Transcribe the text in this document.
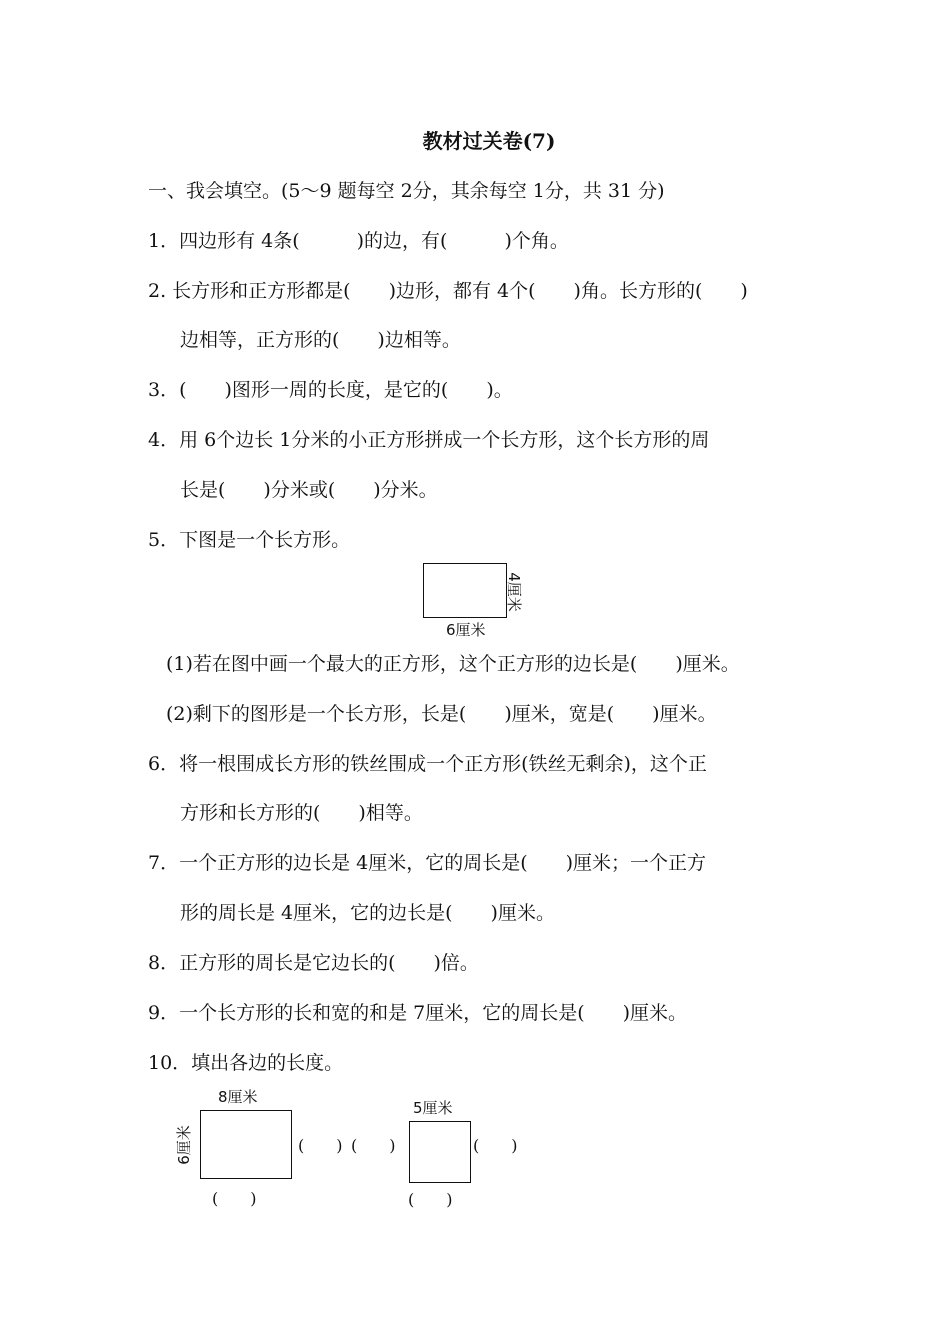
教材过关卷(7)
一、我会填空。(5～9 题每空 2分，其余每空 1分，共 31 分)
1．四边形有 4条(　　　)的边，有(　　　)个角。
2. 长方形和正方形都是(　　)边形，都有 4个(　　)角。长方形的(　　)
边相等，正方形的(　　)边相等。
3．(　　)图形一周的长度，是它的(　　)。
4．用 6个边长 1分米的小正方形拼成一个长方形，这个长方形的周
长是(　　)分米或(　　)分米。
5．下图是一个长方形。
4厘米
6厘米
(1)若在图中画一个最大的正方形，这个正方形的边长是(　　)厘米。
(2)剩下的图形是一个长方形，长是(　　)厘米，宽是(　　)厘米。
6．将一根围成长方形的铁丝围成一个正方形(铁丝无剩余)，这个正
方形和长方形的(　　)相等。
7．一个正方形的边长是 4厘米，它的周长是(　　)厘米；一个正方
形的周长是 4厘米，它的边长是(　　)厘米。
8．正方形的周长是它边长的(　　)倍。
9．一个长方形的长和宽的和是 7厘米，它的周长是(　　)厘米。
10．填出各边的长度。
8厘米
6厘米	(　　)
(　　)
5厘米
(　　)	(　　)
(　　)
